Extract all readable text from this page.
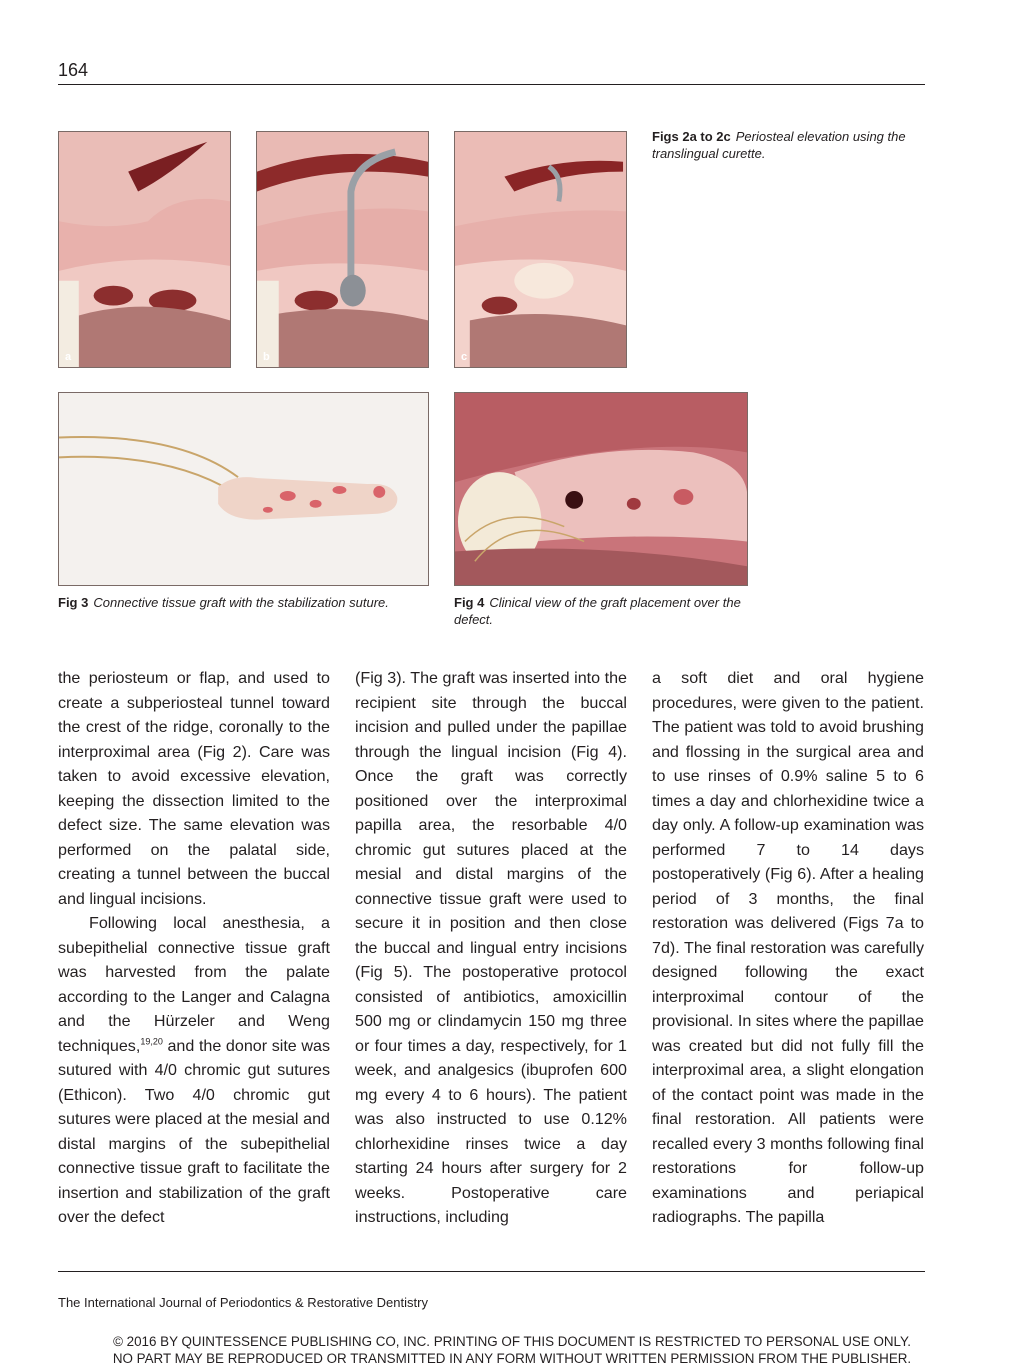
164
a	b	c
Figs 2a to 2c Periosteal elevation using the translingual curette.
Fig 3 Connective tissue graft with the stabilization suture.	Fig 4 Clinical view of the graft placement over the defect.

the periosteum or flap, and used to create a subperiosteal tunnel toward the crest of the ridge, coronally to the interproximal area (Fig 2). Care was taken to avoid excessive elevation, keeping the dissection limited to the defect size. The same elevation was performed on the palatal side, creating a tunnel between the buccal and lingual incisions.

Following local anesthesia, a subepithelial connective tissue graft was harvested from the palate according to the Langer and Calagna and the Hürzeler and Weng techniques,$^{19,20}$ and the donor site was sutured with 4/0 chromic gut sutures (Ethicon). Two 4/0 chromic gut sutures were placed at the mesial and distal margins of the subepithelial connective tissue graft to facilitate the insertion and stabilization of the graft over the defect

(Fig 3). The graft was inserted into the recipient site through the buccal incision and pulled under the papillae through the lingual incision (Fig 4). Once the graft was correctly positioned over the interproximal papilla area, the resorbable 4/0 chromic gut sutures placed at the mesial and distal margins of the connective tissue graft were used to secure it in position and then close the buccal and lingual entry incisions (Fig 5). The postoperative protocol consisted of antibiotics, amoxicillin 500 mg or clindamycin 150 mg three or four times a day, respectively, for 1 week, and analgesics (ibuprofen 600 mg every 4 to 6 hours). The patient was also instructed to use 0.12% chlorhexidine rinses twice a day starting 24 hours after surgery for 2 weeks. Postoperative care instructions, including

a soft diet and oral hygiene procedures, were given to the patient. The patient was told to avoid brushing and flossing in the surgical area and to use rinses of 0.9% saline 5 to 6 times a day and chlorhexidine twice a day only. A follow-up examination was performed 7 to 14 days postoperatively (Fig 6). After a healing period of 3 months, the final restoration was delivered (Figs 7a to 7d). The final restoration was carefully designed following the exact interproximal contour of the provisional. In sites where the papillae was created but did not fully fill the interproximal area, a slight elongation of the contact point was made in the final restoration. All patients were recalled every 3 months following final restorations for follow-up examinations and periapical radiographs. The papilla

The International Journal of Periodontics & Restorative Dentistry
© 2016 BY QUINTESSENCE PUBLISHING CO, INC. PRINTING OF THIS DOCUMENT IS RESTRICTED TO PERSONAL USE ONLY.
NO PART MAY BE REPRODUCED OR TRANSMITTED IN ANY FORM WITHOUT WRITTEN PERMISSION FROM THE PUBLISHER.
